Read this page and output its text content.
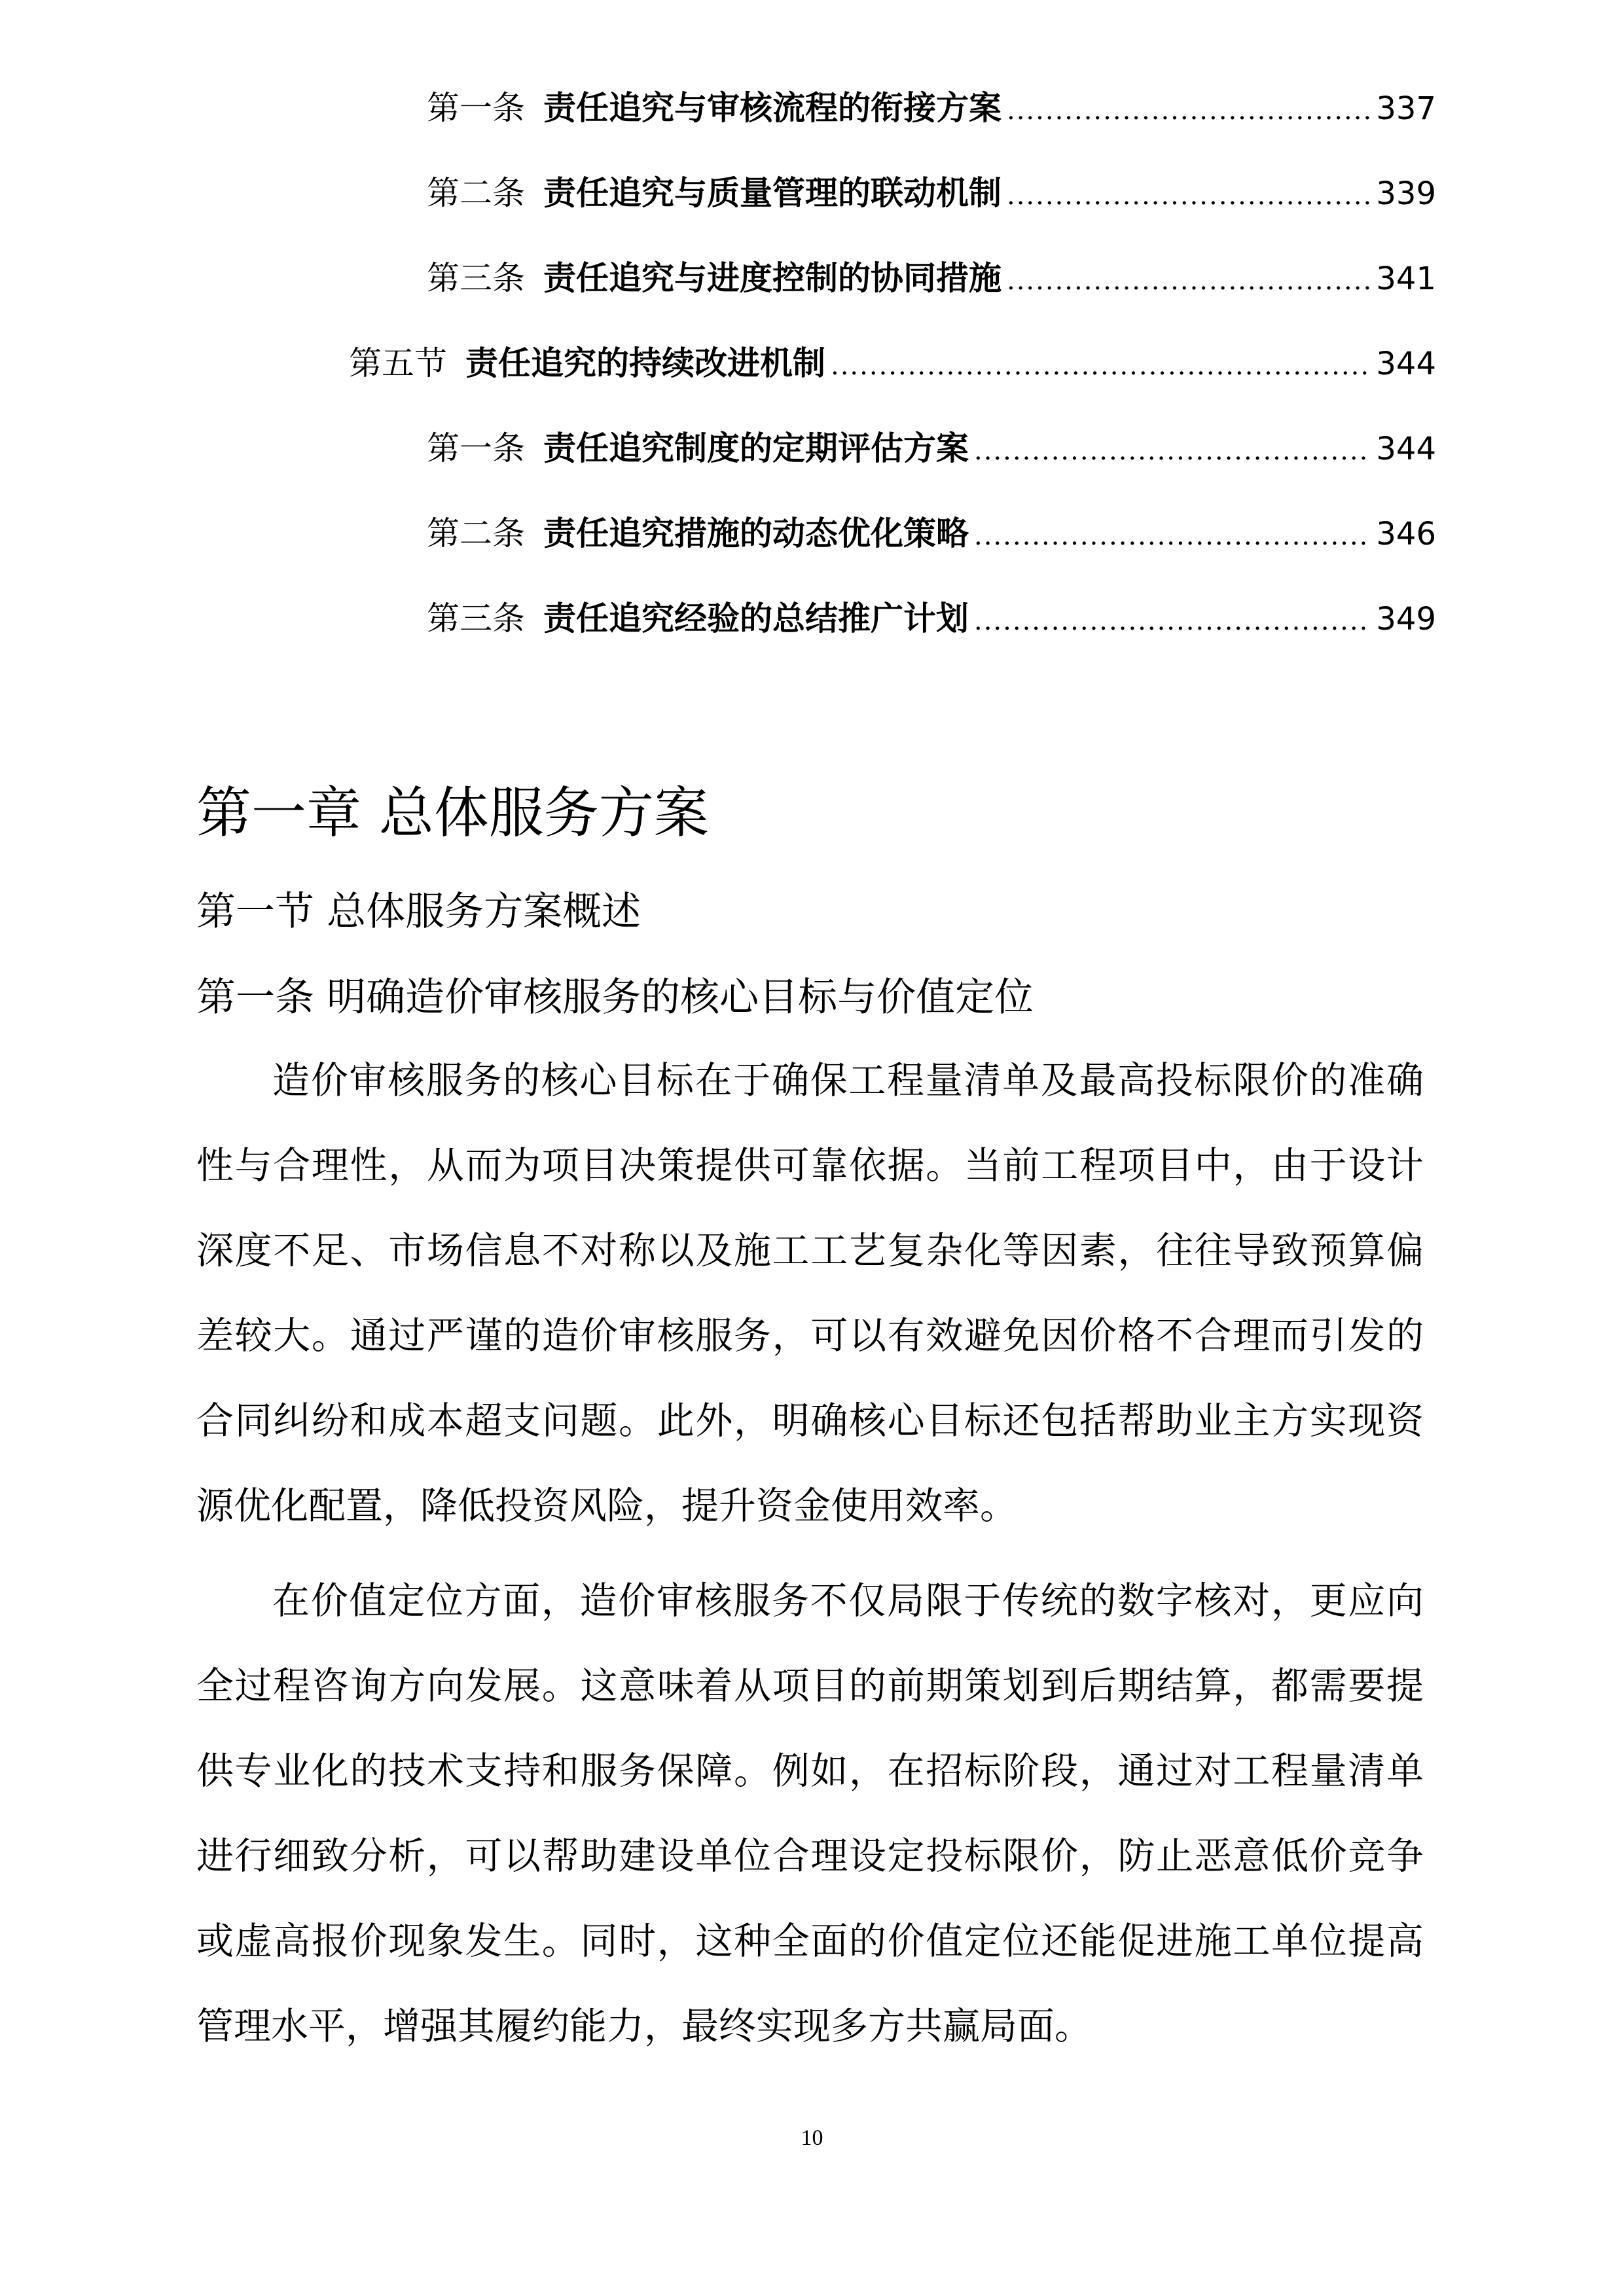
第一条 责任追究与审核流程的衔接方案 .....	337
第二条 责任追究与质量管理的联动机制 .....	339
第三条 责任追究与进度控制的协同措施 .....	341
第五节 责任追究的持续改进机制 .....	344
第一条 责任追究制度的定期评估方案 .....	344
第二条 责任追究措施的动态优化策略 .....	346
第三条 责任追究经验的总结推广计划 .....	349
第一章 总体服务方案
第一节 总体服务方案概述
第一条 明确造价审核服务的核心目标与价值定位
造价审核服务的核心目标在于确保工程量清单及最高投标限价的准确
性与合理性，从而为项目决策提供可靠依据。当前工程项目中，由于设计
深度不足、市场信息不对称以及施工工艺复杂化等因素，往往导致预算偏
差较大。通过严谨的造价审核服务，可以有效避免因价格不合理而引发的
合同纠纷和成本超支问题。此外，明确核心目标还包括帮助业主方实现资
源优化配置，降低投资风险，提升资金使用效率。
在价值定位方面，造价审核服务不仅局限于传统的数字核对，更应向
全过程咨询方向发展。这意味着从项目的前期策划到后期结算，都需要提
供专业化的技术支持和服务保障。例如，在招标阶段，通过对工程量清单
进行细致分析，可以帮助建设单位合理设定投标限价，防止恶意低价竞争
或虚高报价现象发生。同时，这种全面的价值定位还能促进施工单位提高
管理水平，增强其履约能力，最终实现多方共赢局面。
10
